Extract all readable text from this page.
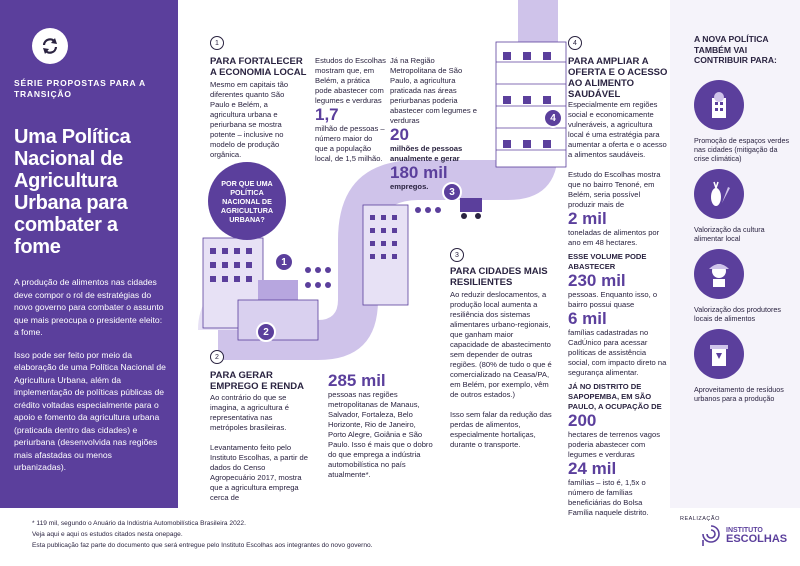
SÉRIE PROPOSTAS PARA A TRANSIÇÃO
Uma Política Nacional de Agricultura Urbana para combater a fome

A produção de alimentos nas cidades deve compor o rol de estratégias do novo governo para combater o assunto que mais preocupa o presidente eleito: a fome.

Isso pode ser feito por meio da elaboração de uma Política Nacional de Agricultura Urbana, além da implementação de políticas públicas de crédito voltadas especialmente para o apoio e fomento da agricultura urbana (praticada dentro das cidades) e periurbana (desenvolvida nas regiões mais afastadas ou menos urbanizadas).

1
2
3
4
1
2
3
4
POR QUE UMA POLÍTICA NACIONAL DE AGRICULTURA URBANA?
PARA FORTALECER A ECONOMIA LOCAL
Mesmo em capitais tão diferentes quanto São Paulo e Belém, a agricultura urbana e periurbana se mostra potente – inclusive no modelo de produção orgânica.
Estudos do Escolhas mostram que, em Belém, a prática pode abastecer com legumes e verduras
1,7
milhão de pessoas – número maior do que a população local, de 1,5 milhão.
Já na Região Metropolitana de São Paulo, a agricultura praticada nas áreas periurbanas poderia abastecer com legumes e verduras
20
milhões de pessoas anualmente e gerar
180 mil
empregos.
PARA GERAR EMPREGO E RENDA
Ao contrário do que se imagina, a agricultura é representativa nas metrópoles brasileiras.

Levantamento feito pelo Instituto Escolhas, a partir de dados do Censo Agropecuário 2017, mostra que a agricultura emprega cerca de
285 mil
pessoas nas regiões metropolitanas de Manaus, Salvador, Fortaleza, Belo Horizonte, Rio de Janeiro, Porto Alegre, Goiânia e São Paulo. Isso é mais que o dobro do que emprega a indústria automobilística no país atualmente*.
PARA CIDADES MAIS RESILIENTES
Ao reduzir deslocamentos, a produção local aumenta a resiliência dos sistemas alimentares urbano-regionais, que ganham maior capacidade de abastecimento sem depender de outras regiões. (80% de tudo o que é comercializado na Ceasa/PA, em Belém, por exemplo, vêm de outros estados.)

Isso sem falar da redução das perdas de alimentos, especialmente hortaliças, durante o transporte.
PARA AMPLIAR A OFERTA E O ACESSO AO ALIMENTO SAUDÁVEL
Especialmente em regiões social e economicamente vulneráveis, a agricultura local é uma estratégia para aumentar a oferta e o acesso a alimentos saudáveis.

Estudo do Escolhas mostra que no bairro Tenoné, em Belém, seria possível produzir mais de
2 mil
toneladas de alimentos por ano em 48 hectares.
ESSE VOLUME PODE ABASTECER
230 mil
pessoas. Enquanto isso, o bairro possui quase
6 mil
famílias cadastradas no CadÚnico para acessar políticas de assistência social, com impacto direto na segurança alimentar.
JÁ NO DISTRITO DE SAPOPEMBA, EM SÃO PAULO, A OCUPAÇÃO DE
200
hectares de terrenos vagos poderia abastecer com legumes e verduras
24 mil
famílias – isto é, 1,5x o número de famílias beneficiárias do Bolsa Família naquele distrito.
A NOVA POLÍTICA TAMBÉM VAI CONTRIBUIR PARA:
Promoção de espaços verdes nas cidades (mitigação da crise climática)
Valorização da cultura alimentar local
Valorização dos produtores locais de alimentos
Aproveitamento de resíduos urbanos para a produção
* 119 mil, segundo o Anuário da Indústria Automobilística Brasileira 2022.
Veja aqui e aqui os estudos citados nesta onepage.
Esta publicação faz parte do documento que será entregue pelo Instituto Escolhas aos integrantes do novo governo.
REALIZAÇÃO
INSTITUTO
ESCOLHAS
